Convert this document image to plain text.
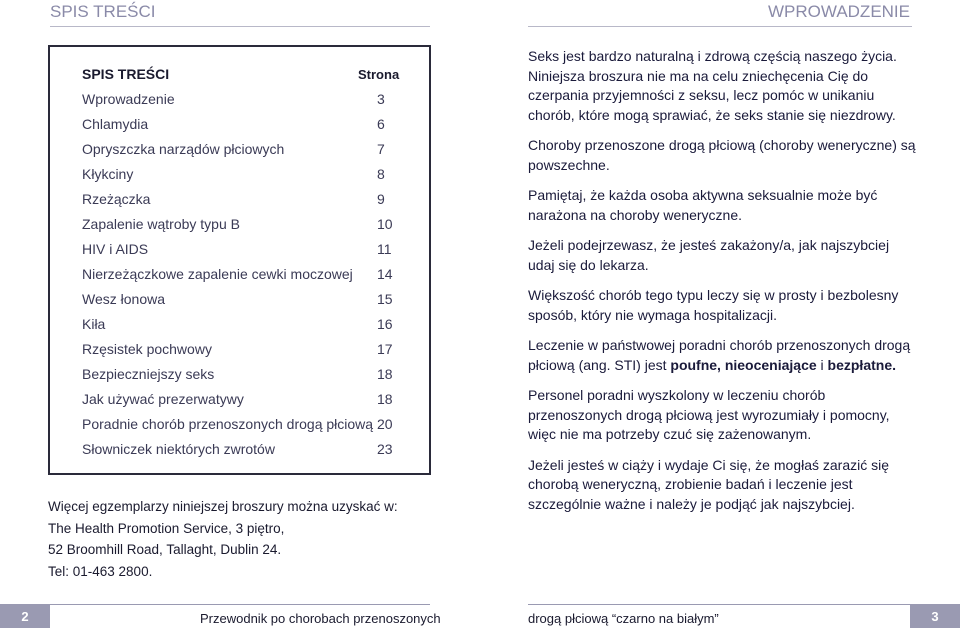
SPIS TREŚCI	WPROWADZENIE
SPIS TREŚCI	Strona
Wprowadzenie	3
Chlamydia	6
Opryszczka narządów płciowych	7
Kłykciny	8
Rzeżączka	9
Zapalenie wątroby typu B	10
HIV i AIDS	11
Nierzeżączkowe zapalenie cewki moczowej 14
Wesz łonowa	15
Kiła	16
Rzęsistek pochwowy	17
Bezpieczniejszy seks	18
Jak używać prezerwatywy	18
Poradnie chorób przenoszonych drogą płciową 20
Słowniczek niektórych zwrotów	23
Więcej egzemplarzy niniejszej broszury można uzyskać w:
The Health Promotion Service, 3 piętro,
52 Broomhill Road, Tallaght, Dublin 24.
Tel: 01-463 2800.

Seks jest bardzo naturalną i zdrową częścią naszego życia. Niniejsza broszura nie ma na celu zniechęcenia Cię do czerpania przyjemności z seksu, lecz pomóc w unikaniu chorób, które mogą sprawiać, że seks stanie się niezdrowy.

Choroby przenoszone drogą płciową (choroby weneryczne) są powszechne.

Pamiętaj, że każda osoba aktywna seksualnie może być narażona na choroby weneryczne.

Jeżeli podejrzewasz, że jesteś zakażony/a, jak najszybciej udaj się do lekarza.

Większość chorób tego typu leczy się w prosty i bezbolesny sposób, który nie wymaga hospitalizacji.

Leczenie w państwowej poradni chorób przenoszonych drogą płciową (ang. STI) jest poufne, nieoceniające i bezpłatne.

Personel poradni wyszkolony w leczeniu chorób przenoszonych drogą płciową jest wyrozumiały i pomocny, więc nie ma potrzeby czuć się zażenowanym.

Jeżeli jesteś w ciąży i wydaje Ci się, że mogłaś zarazić się chorobą weneryczną, zrobienie badań i leczenie jest szczególnie ważne i należy je podjąć jak najszybciej.

2	Przewodnik po chorobach przenoszonych	drogą płciową “czarno na białym”	3
